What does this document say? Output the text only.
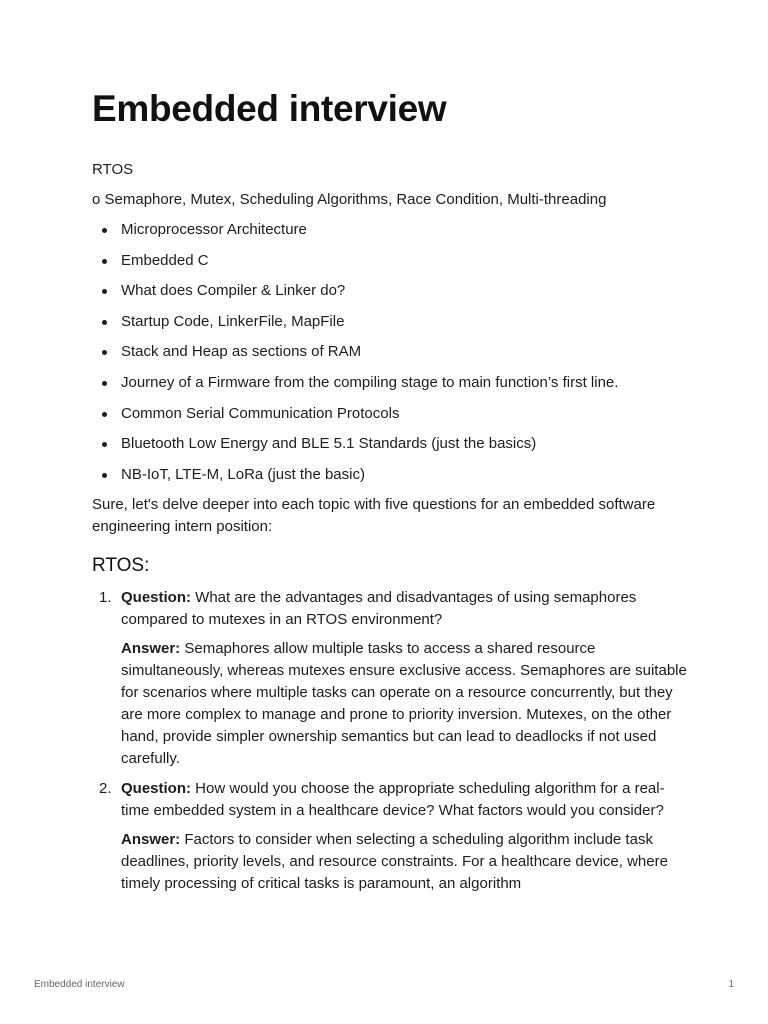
Embedded interview

RTOS

o Semaphore, Mutex, Scheduling Algorithms, Race Condition, Multi-threading

Microprocessor Architecture
Embedded C
What does Compiler & Linker do?
Startup Code, LinkerFile, MapFile
Stack and Heap as sections of RAM
Journey of a Firmware from the compiling stage to main function’s first line.
Common Serial Communication Protocols
Bluetooth Low Energy and BLE 5.1 Standards (just the basics)
NB-IoT, LTE-M, LoRa (just the basic)

Sure, let's delve deeper into each topic with five questions for an embedded software engineering intern position:

RTOS:
1. Question: What are the advantages and disadvantages of using semaphores compared to mutexes in an RTOS environment?

Answer: Semaphores allow multiple tasks to access a shared resource simultaneously, whereas mutexes ensure exclusive access. Semaphores are suitable for scenarios where multiple tasks can operate on a resource concurrently, but they are more complex to manage and prone to priority inversion. Mutexes, on the other hand, provide simpler ownership semantics but can lead to deadlocks if not used carefully.

2. Question: How would you choose the appropriate scheduling algorithm for a real-time embedded system in a healthcare device? What factors would you consider?

Answer: Factors to consider when selecting a scheduling algorithm include task deadlines, priority levels, and resource constraints. For a healthcare device, where timely processing of critical tasks is paramount, an algorithm

Embedded interview	1
